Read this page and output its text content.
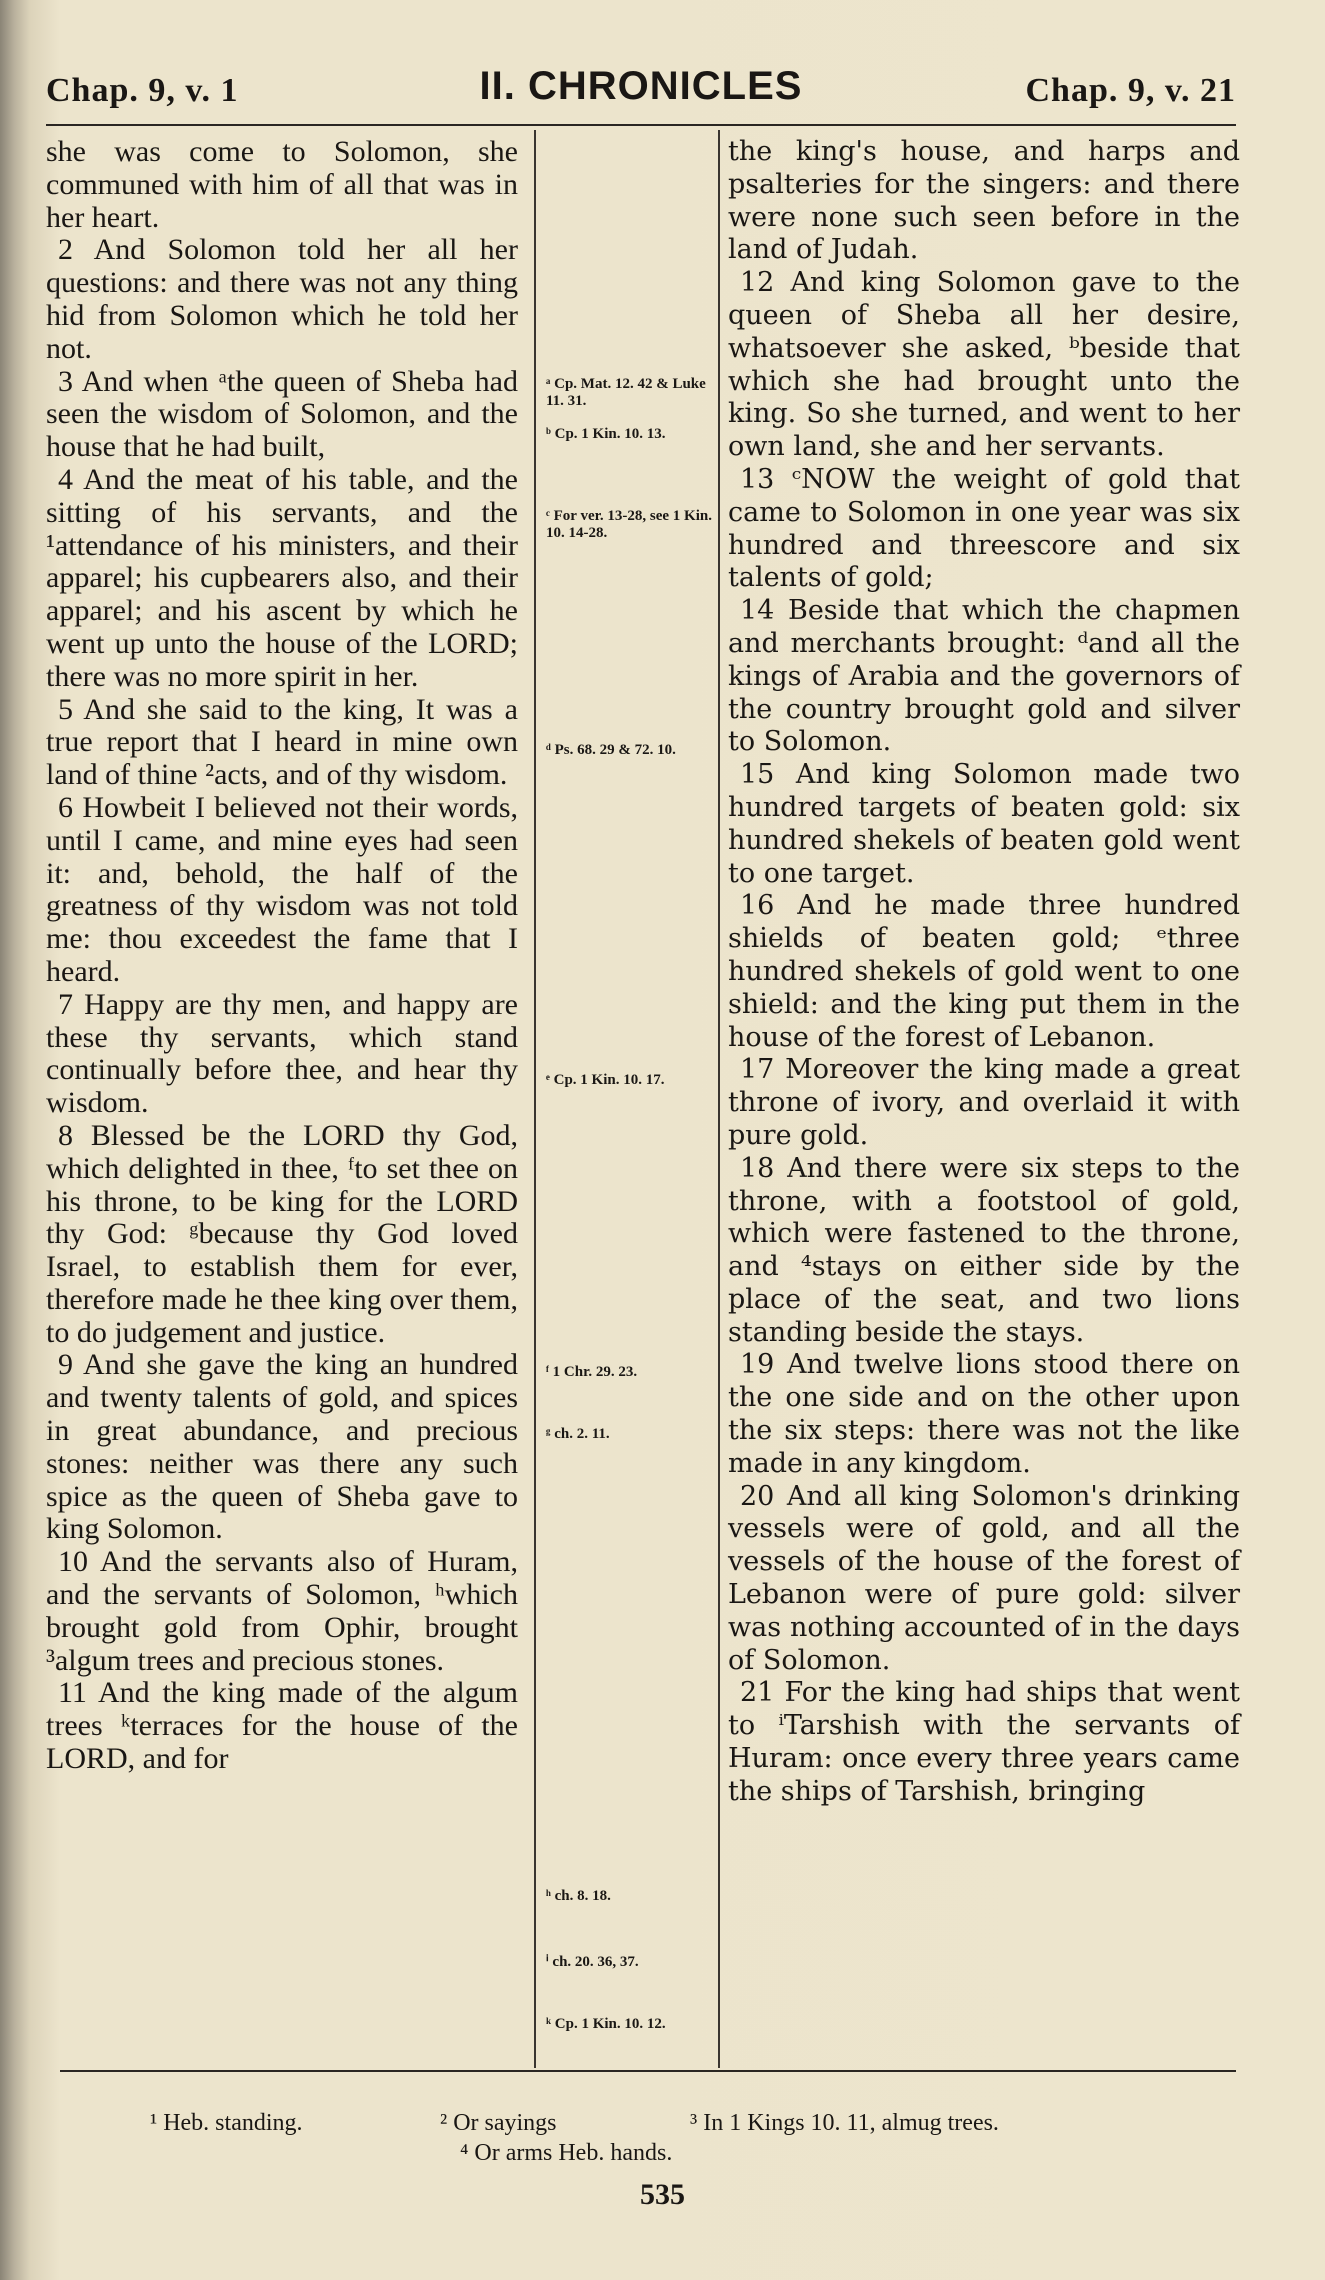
Chap. 9, v. 1	II. CHRONICLES	Chap. 9, v. 21

she was come to Solomon, she communed with him of all that was in her heart.

2 And Solomon told her all her questions: and there was not any thing hid from Solomon which he told her not.

3 And when ᵃthe queen of Sheba had seen the wisdom of Solomon, and the house that he had built,

4 And the meat of his table, and the sitting of his servants, and the ¹attendance of his ministers, and their apparel; his cupbearers also, and their apparel; and his ascent by which he went up unto the house of the LORD; there was no more spirit in her.

5 And she said to the king, It was a true report that I heard in mine own land of thine ²acts, and of thy wisdom.

6 Howbeit I believed not their words, until I came, and mine eyes had seen it: and, behold, the half of the greatness of thy wisdom was not told me: thou exceedest the fame that I heard.

7 Happy are thy men, and happy are these thy servants, which stand continually before thee, and hear thy wisdom.

8 Blessed be the LORD thy God, which delighted in thee, ᶠto set thee on his throne, to be king for the LORD thy God: ᵍbecause thy God loved Israel, to establish them for ever, therefore made he thee king over them, to do judgement and justice.

9 And she gave the king an hundred and twenty talents of gold, and spices in great abundance, and precious stones: neither was there any such spice as the queen of Sheba gave to king Solomon.

10 And the servants also of Huram, and the servants of Solomon, ʰwhich brought gold from Ophir, brought ³algum trees and precious stones.

11 And the king made of the algum trees ᵏterraces for the house of the LORD, and for

ᵃ Cp. Mat. 12. 42 & Luke 11. 31.
ᵇ Cp. 1 Kin. 10. 13.
ᶜ For ver. 13-28, see 1 Kin. 10. 14-28.
ᵈ Ps. 68. 29 & 72. 10.
ᵉ Cp. 1 Kin. 10. 17.
ᶠ 1 Chr. 29. 23.
ᵍ ch. 2. 11.
ʰ ch. 8. 18.
ⁱ ch. 20. 36, 37.
ᵏ Cp. 1 Kin. 10. 12.

the king's house, and harps and psalteries for the singers: and there were none such seen before in the land of Judah.

12 And king Solomon gave to the queen of Sheba all her desire, whatsoever she asked, ᵇbeside that which she had brought unto the king. So she turned, and went to her own land, she and her servants.

13 ᶜNOW the weight of gold that came to Solomon in one year was six hundred and threescore and six talents of gold;

14 Beside that which the chapmen and merchants brought: ᵈand all the kings of Arabia and the governors of the country brought gold and silver to Solomon.

15 And king Solomon made two hundred targets of beaten gold: six hundred shekels of beaten gold went to one target.

16 And he made three hundred shields of beaten gold; ᵉthree hundred shekels of gold went to one shield: and the king put them in the house of the forest of Lebanon.

17 Moreover the king made a great throne of ivory, and overlaid it with pure gold.

18 And there were six steps to the throne, with a footstool of gold, which were fastened to the throne, and ⁴stays on either side by the place of the seat, and two lions standing beside the stays.

19 And twelve lions stood there on the one side and on the other upon the six steps: there was not the like made in any kingdom.

20 And all king Solomon's drinking vessels were of gold, and all the vessels of the house of the forest of Lebanon were of pure gold: silver was nothing accounted of in the days of Solomon.

21 For the king had ships that went to ⁱTarshish with the servants of Huram: once every three years came the ships of Tarshish, bringing

¹ Heb. standing.	² Or sayings	³ In 1 Kings 10. 11, almug trees.
⁴ Or arms Heb. hands.
535
